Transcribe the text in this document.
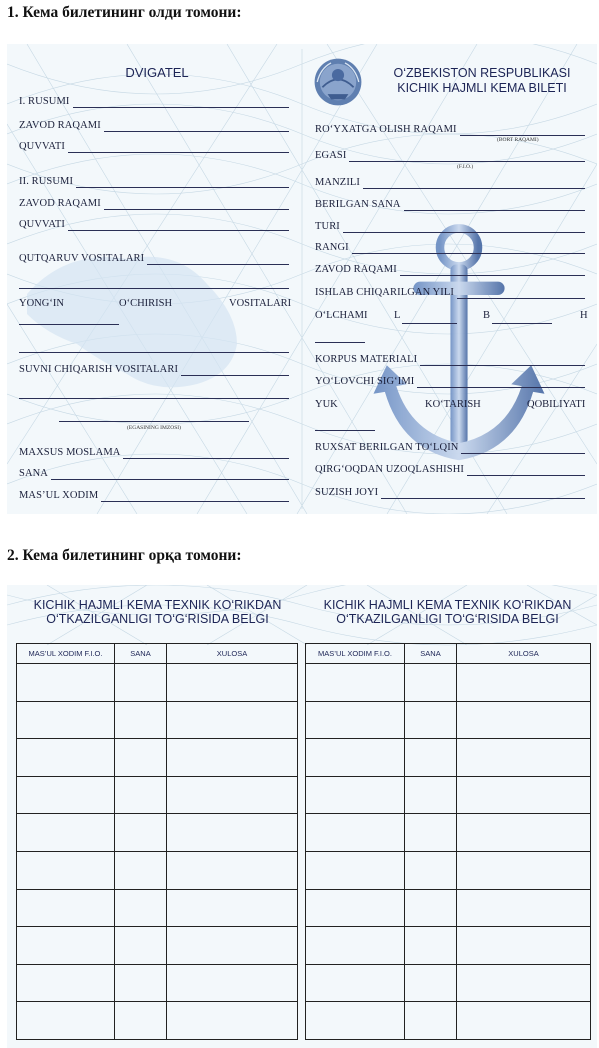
1. Кема билетининг олди томони:
2. Кема билетининг орқа томони:
DVIGATEL
I. RUSUMI
ZAVOD RAQAMI
QUVVATI
II. RUSUMI
ZAVOD RAQAMI
QUVVATI
QUTQARUV VOSITALARI
YONG‘IN	O‘CHIRISH	VOSITALARI
SUVNI CHIQARISH VOSITALARI
(EGASINING IMZOSI)
MAXSUS MOSLAMA
SANA
MAS’UL XODIM
O‘ZBEKISTON RESPUBLIKASI
KICHIK HAJMLI KEMA BILETI
RO‘YXATGA OLISH RAQAMI
(BORT RAQAMI)
EGASI
(F.I.O.)
MANZILI
BERILGAN SANA
TURI
RANGI
ZAVOD RAQAMI
ISHLAB CHIQARILGAN YILI
O‘LCHAMI	L	B	H
KORPUS MATERIALI
YO‘LOVCHI SIG‘IMI
YUK	KO‘TARISH	QOBILIYATI
RUXSAT BERILGAN TO‘LQIN
QIRG‘OQDAN UZOQLASHISHI
SUZISH JOYI
KICHIK HAJMLI KEMA TEXNIK KO‘RIKDAN
O‘TKAZILGANLIGI TO‘G‘RISIDA BELGI
KICHIK HAJMLI KEMA TEXNIK KO‘RIKDAN
O‘TKAZILGANLIGI TO‘G‘RISIDA BELGI
MAS’UL XODIM F.I.O.	SANA	XULOSA

			MAS’UL XODIM F.I.O.	SANA	XULOSA
